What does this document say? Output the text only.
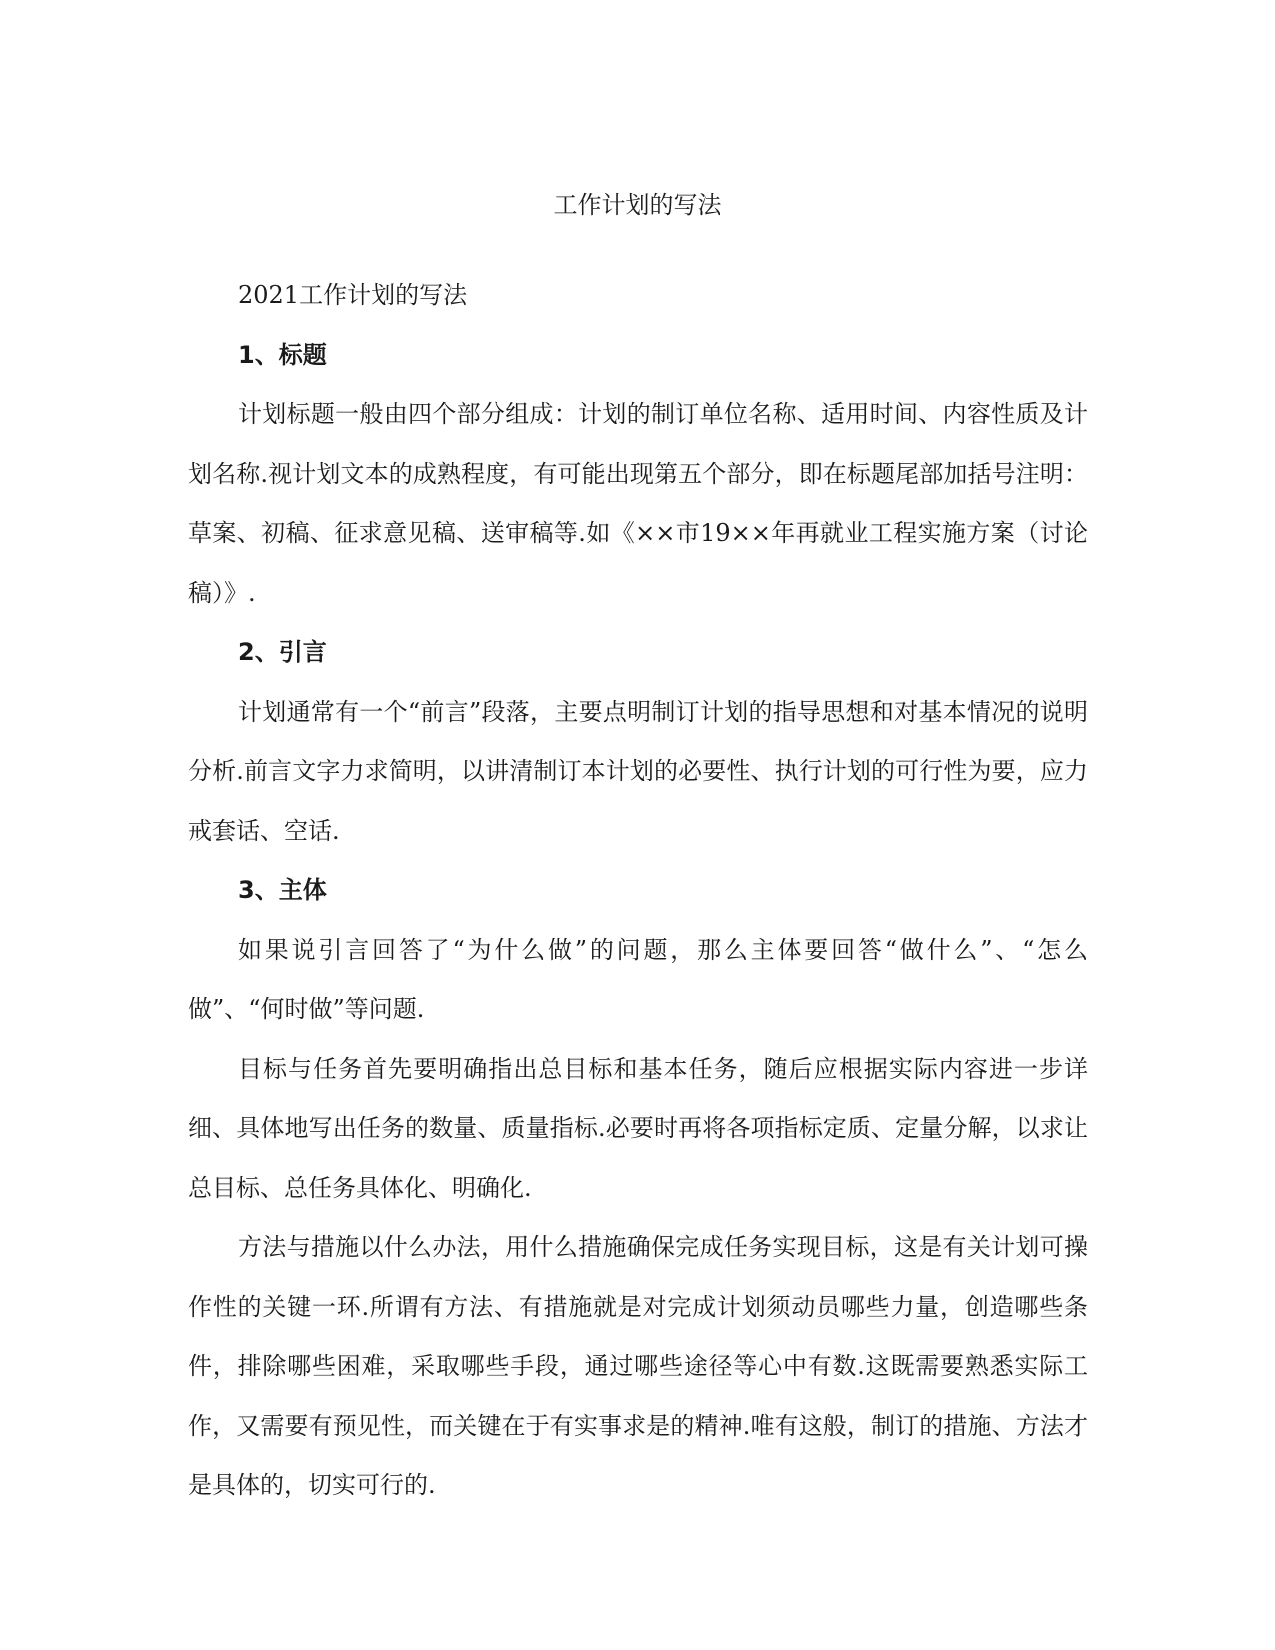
工作计划的写法

2021工作计划的写法

1、标题

计划标题一般由四个部分组成：计划的制订单位名称、适用时间、内容性质及计划名称.视计划文本的成熟程度，有可能出现第五个部分，即在标题尾部加括号注明：草案、初稿、征求意见稿、送审稿等.如《××市19××年再就业工程实施方案（讨论稿）》.

2、引言

计划通常有一个“前言”段落，主要点明制订计划的指导思想和对基本情况的说明分析.前言文字力求简明，以讲清制订本计划的必要性、执行计划的可行性为要，应力戒套话、空话.

3、主体

如果说引言回答了“为什么做”的问题，那么主体要回答“做什么”、“怎么做”、“何时做”等问题.

目标与任务首先要明确指出总目标和基本任务，随后应根据实际内容进一步详细、具体地写出任务的数量、质量指标.必要时再将各项指标定质、定量分解，以求让总目标、总任务具体化、明确化.

方法与措施以什么办法，用什么措施确保完成任务实现目标，这是有关计划可操作性的关键一环.所谓有方法、有措施就是对完成计划须动员哪些力量，创造哪些条件，排除哪些困难，采取哪些手段，通过哪些途径等心中有数.这既需要熟悉实际工作，又需要有预见性，而关键在于有实事求是的精神.唯有这般，制订的措施、方法才是具体的，切实可行的.
